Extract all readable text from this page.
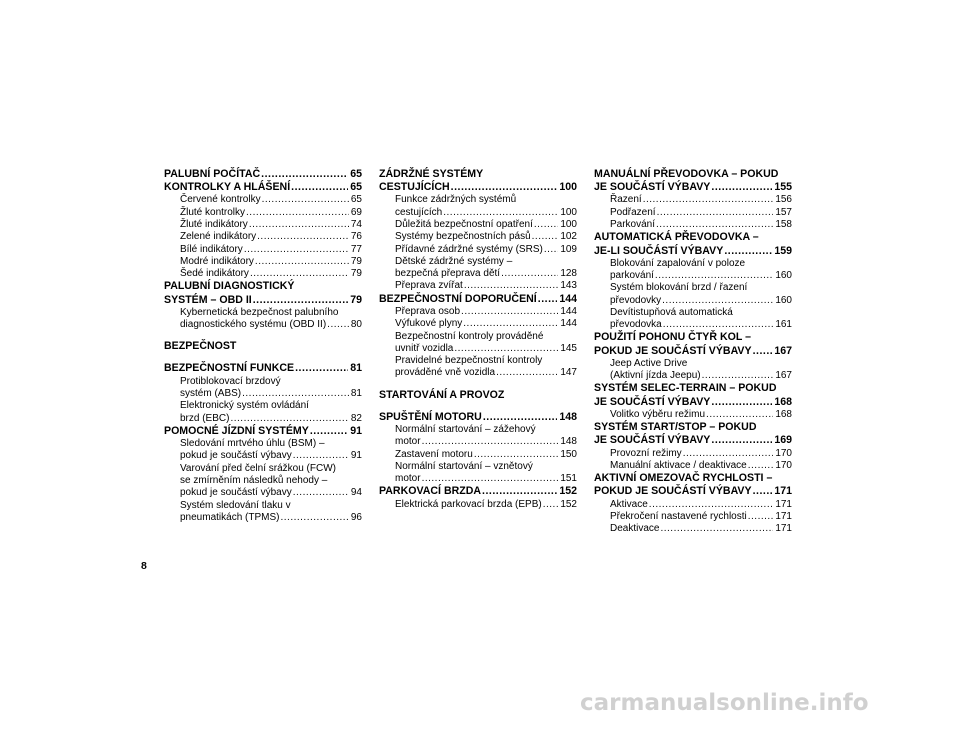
PALUBNÍ POČÍTAČ .....	65
KONTROLKY A HLÁŠENÍ .....	65
Červené kontrolky .....	65
Žluté kontrolky .....	69
Žluté indikátory .....	74
Zelené indikátory .....	76
Bílé indikátory .....	77
Modré indikátory .....	79
Šedé indikátory .....	79
PALUBNÍ DIAGNOSTICKÝ
SYSTÉM – OBD II .....	79
Kybernetická bezpečnost palubního
diagnostického systému (OBD II) ..... 80
BEZPEČNOST
BEZPEČNOSTNÍ FUNKCE .....	81
Protiblokovací brzdový
systém (ABS) .....	81
Elektronický systém ovládání
brzd (EBC) .....	82
POMOCNÉ JÍZDNÍ SYSTÉMY .....	91
Sledování mrtvého úhlu (BSM) –
pokud je součástí výbavy .....	91
Varování před čelní srážkou (FCW)
se zmírněním následků nehody –
pokud je součástí výbavy .....	94
Systém sledování tlaku v
pneumatikách (TPMS) .....	96
ZÁDRŽNÉ SYSTÉMY
CESTUJÍCÍCH .....	100
Funkce zádržných systémů
cestujících .....	100
Důležitá bezpečnostní opatření .....	100
Systémy bezpečnostních pásů .....	102
Přídavné zádržné systémy (SRS) ..... 109
Dětské zádržné systémy –
bezpečná přeprava dětí .....	128
Přeprava zvířat .....	143
BEZPEČNOSTNÍ DOPORUČENÍ ..... 144
Přeprava osob .....	144
Výfukové plyny .....	144
Bezpečnostní kontroly prováděné
uvnitř vozidla .....	145
Pravidelné bezpečnostní kontroly
prováděné vně vozidla .....	147
STARTOVÁNÍ A PROVOZ
SPUŠTĚNÍ MOTORU .....	148
Normální startování – zážehový
motor .....	148
Zastavení motoru .....	150
Normální startování – vznětový
motor .....	151
PARKOVACÍ BRZDA .....	152
Elektrická parkovací brzda (EPB) ..... 152
MANUÁLNÍ PŘEVODOVKA – POKUD
JE SOUČÁSTÍ VÝBAVY .....	155
Řazení .....	156
Podřazení .....	157
Parkování .....	158
AUTOMATICKÁ PŘEVODOVKA –
JE-LI SOUČÁSTÍ VÝBAVY .....	159
Blokování zapalování v poloze
parkování .....	160
Systém blokování brzd / řazení
převodovky .....	160
Devítistupňová automatická
převodovka .....	161
POUŽITÍ POHONU ČTYŘ KOL –
POKUD JE SOUČÁSTÍ VÝBAVY ..... 167
Jeep Active Drive
(Aktivní jízda Jeepu) .....	167
SYSTÉM SELEC-TERRAIN – POKUD
JE SOUČÁSTÍ VÝBAVY .....	168
Volitko výběru režimu .....	168
SYSTÉM START/STOP – POKUD
JE SOUČÁSTÍ VÝBAVY .....	169
Provozní režimy .....	170
Manuální aktivace / deaktivace .....	170
AKTIVNÍ OMEZOVAČ RYCHLOSTI –
POKUD JE SOUČÁSTÍ VÝBAVY ..... 171
Aktivace .....	171
Překročení nastavené rychlosti .....	171
Deaktivace .....	171
8
carmanualsonline.info
